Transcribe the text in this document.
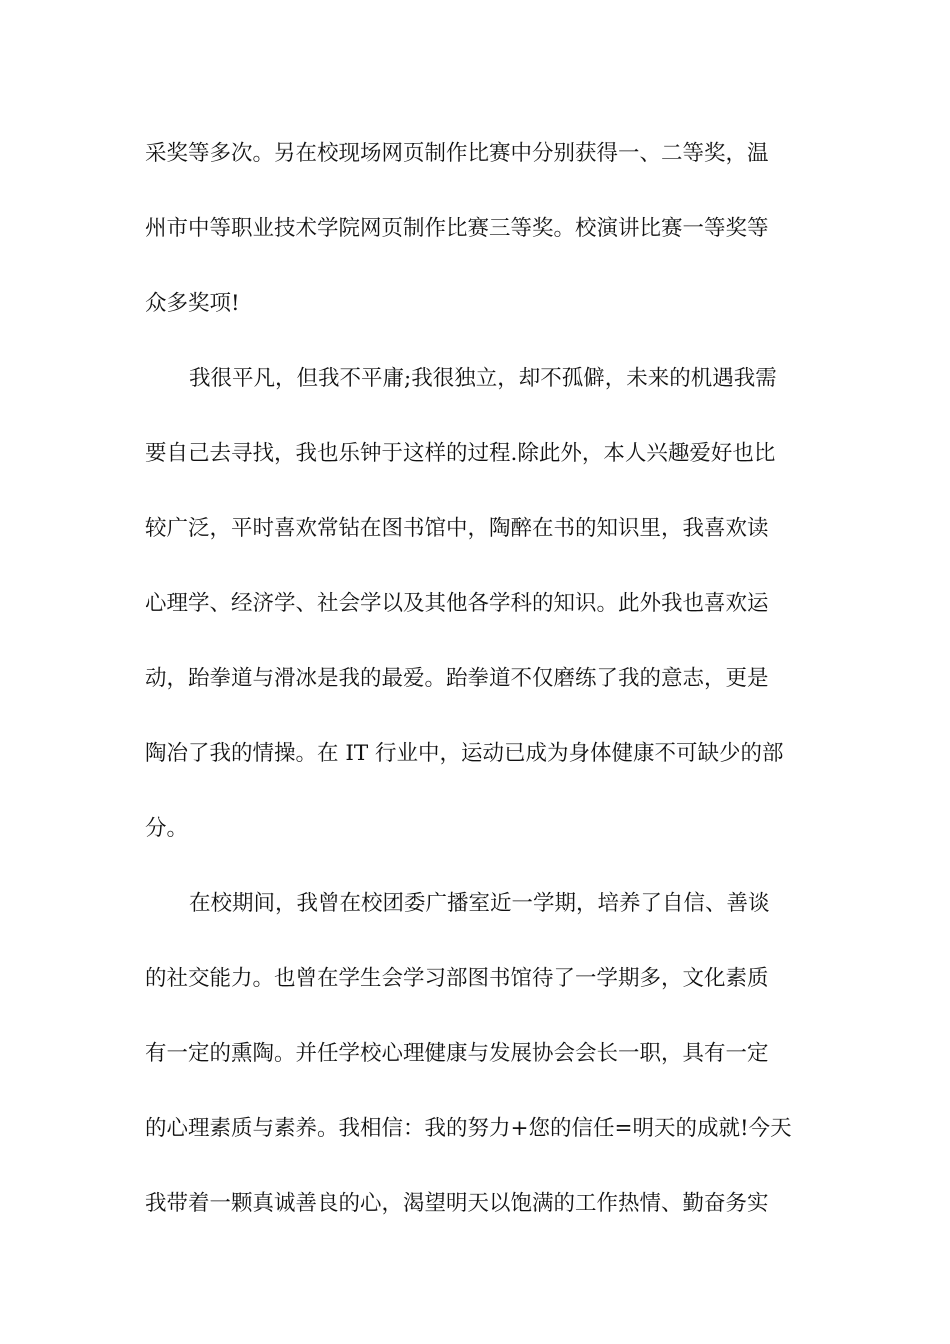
采奖等多次。另在校现场网页制作比赛中分别获得一、二等奖，温
州市中等职业技术学院网页制作比赛三等奖。校演讲比赛一等奖等
众多奖项!
我很平凡，但我不平庸;我很独立，却不孤僻，未来的机遇我需
要自己去寻找，我也乐钟于这样的过程.除此外，本人兴趣爱好也比
较广泛，平时喜欢常钻在图书馆中，陶醉在书的知识里，我喜欢读
心理学、经济学、社会学以及其他各学科的知识。此外我也喜欢运
动，跆拳道与滑冰是我的最爱。跆拳道不仅磨练了我的意志，更是
陶冶了我的情操。在 IT 行业中，运动已成为身体健康不可缺少的部
分。
在校期间，我曾在校团委广播室近一学期，培养了自信、善谈
的社交能力。也曾在学生会学习部图书馆待了一学期多，文化素质
有一定的熏陶。并任学校心理健康与发展协会会长一职，具有一定
的心理素质与素养。我相信：我的努力+您的信任=明天的成就!今天
我带着一颗真诚善良的心，渴望明天以饱满的工作热情、勤奋务实
